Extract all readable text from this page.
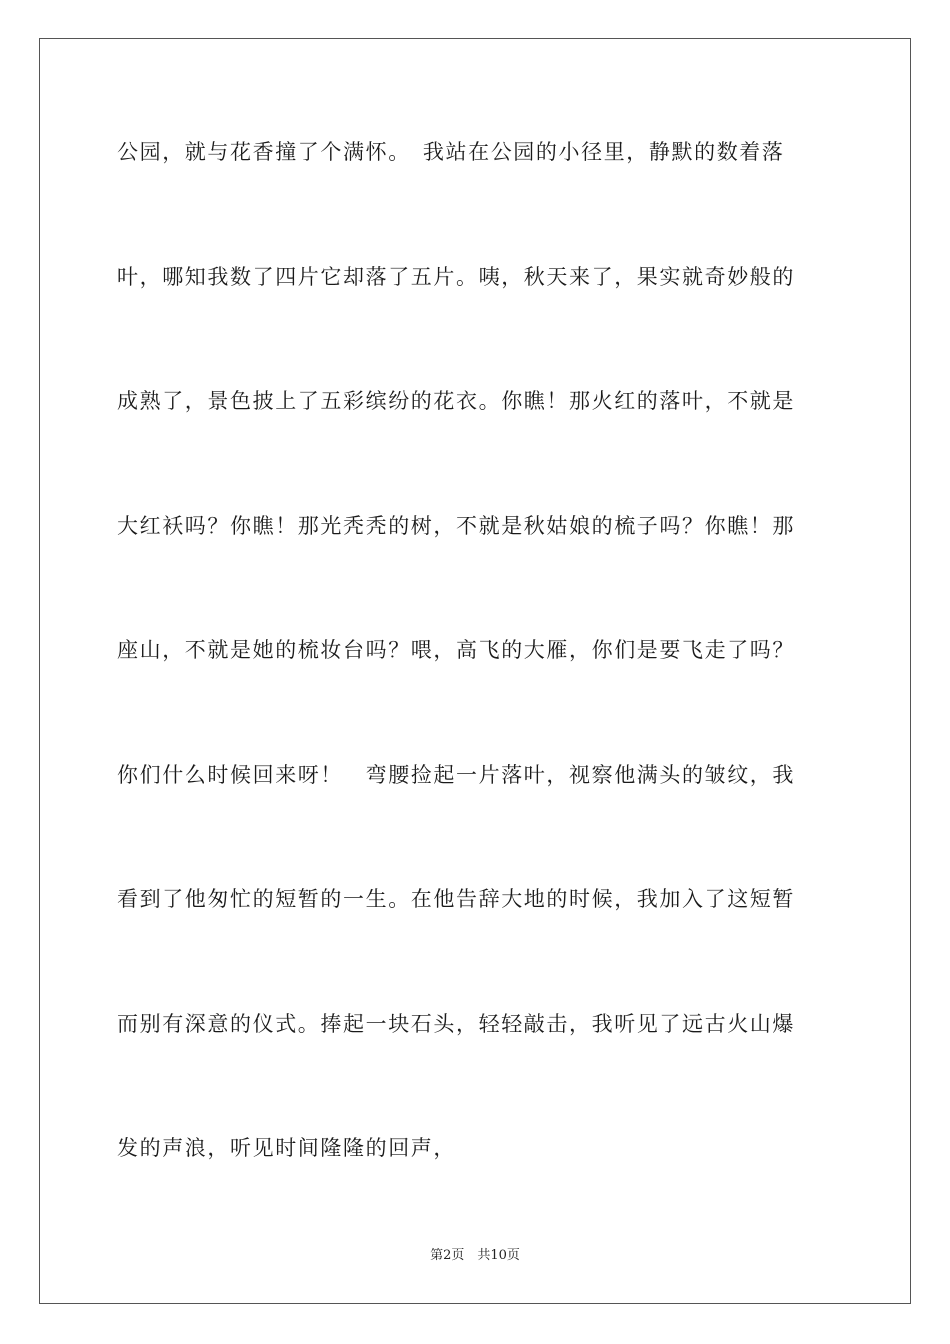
公园，就与花香撞了个满怀。　我站在公园的小径里，静默的数着落
叶，哪知我数了四片它却落了五片。咦，秋天来了，果实就奇妙般的
成熟了，景色披上了五彩缤纷的花衣。你瞧！那火红的落叶，不就是
大红袄吗？你瞧！那光秃秃的树，不就是秋姑娘的梳子吗？你瞧！那
座山，不就是她的梳妆台吗？喂，高飞的大雁，你们是要飞走了吗？
你们什么时候回来呀！　弯腰捡起一片落叶，视察他满头的皱纹，我
看到了他匆忙的短暂的一生。在他告辞大地的时候，我加入了这短暂
而别有深意的仪式。捧起一块石头，轻轻敲击，我听见了远古火山爆
发的声浪，听见时间隆隆的回声，
第2页　共10页
